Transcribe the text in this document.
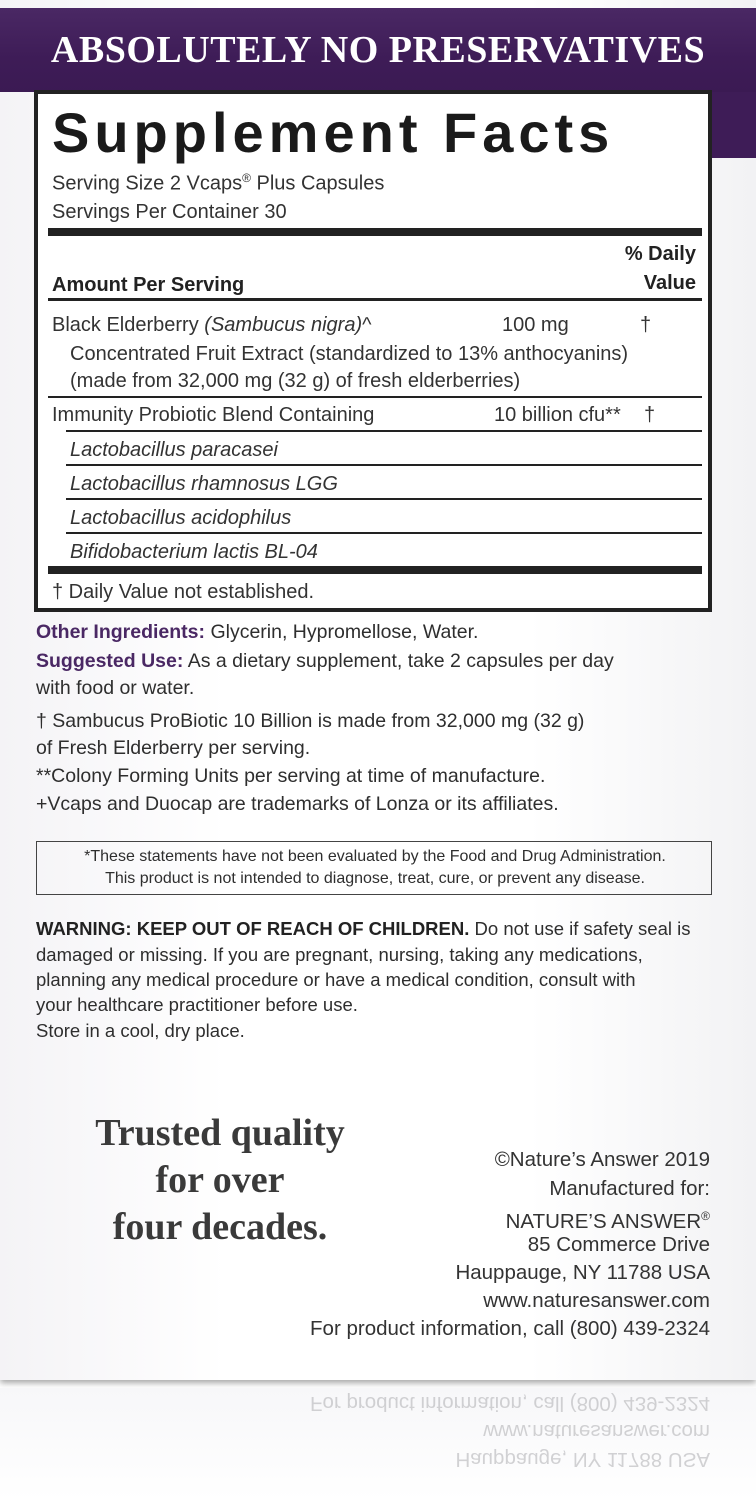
ABSOLUTELY NO PRESERVATIVES
Supplement Facts
Serving Size 2 Vcaps® Plus Capsules
Servings Per Container 30
% Daily
Value
Amount Per Serving
Black Elderberry (Sambucus nigra)^	100 mg	†
Concentrated Fruit Extract (standardized to 13% anthocyanins)
(made from 32,000 mg (32 g) of fresh elderberries)
Immunity Probiotic Blend Containing	10 billion cfu** †
Lactobacillus paracasei
Lactobacillus rhamnosus LGG
Lactobacillus acidophilus
Bifidobacterium lactis BL-04
† Daily Value not established.
Other Ingredients: Glycerin, Hypromellose, Water.
Suggested Use: As a dietary supplement, take 2 capsules per day
with food or water.
† Sambucus ProBiotic 10 Billion is made from 32,000 mg (32 g)
of Fresh Elderberry per serving.
**Colony Forming Units per serving at time of manufacture.
+Vcaps and Duocap are trademarks of Lonza or its affiliates.
*These statements have not been evaluated by the Food and Drug Administration.
This product is not intended to diagnose, treat, cure, or prevent any disease.
WARNING: KEEP OUT OF REACH OF CHILDREN. Do not use if safety seal is
damaged or missing. If you are pregnant, nursing, taking any medications,
planning any medical procedure or have a medical condition, consult with
your healthcare practitioner before use.
Store in a cool, dry place.
Trusted quality
for over
four decades.
©Nature’s Answer 2019
Manufactured for:
NATURE’S ANSWER®
85 Commerce Drive
Hauppauge, NY 11788 USA
www.naturesanswer.com
For product information, call (800) 439-2324
For product information, call (800) 439-2324
www.naturesanswer.com
Hauppauge, NY 11788 USA
